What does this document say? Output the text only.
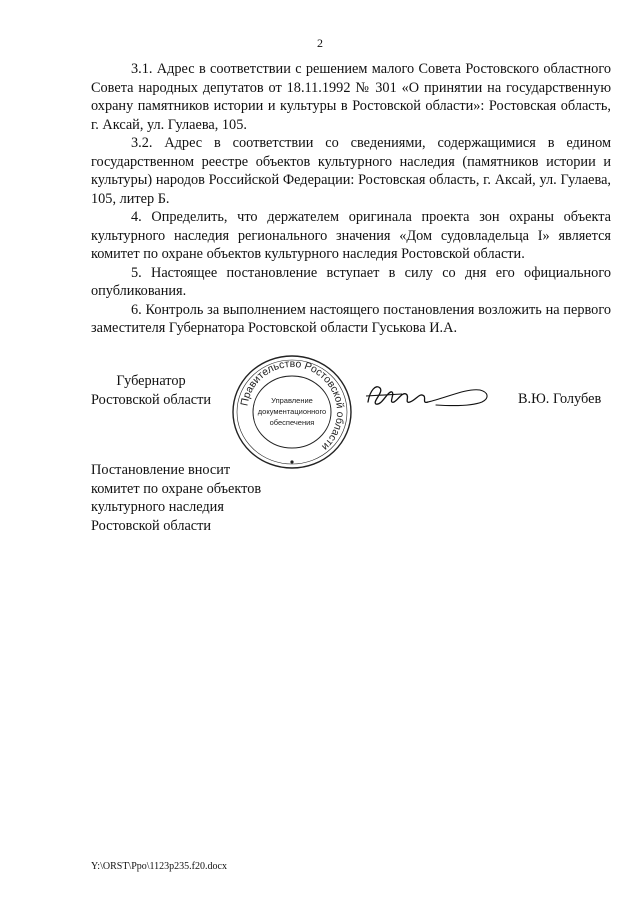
2

3.1. Адрес в соответствии с решением малого Совета Ростовского областного Совета народных депутатов от 18.11.1992 № 301 «О принятии на государственную охрану памятников истории и культуры в Ростовской области»: Ростовская область, г. Аксай, ул. Гулаева, 105.

3.2. Адрес в соответствии со сведениями, содержащимися в едином государственном реестре объектов культурного наследия (памятников истории и культуры) народов Российской Федерации: Ростовская область, г. Аксай, ул. Гулаева, 105, литер Б.

4. Определить, что держателем оригинала проекта зон охраны объекта культурного наследия регионального значения «Дом судовладельца I» является комитет по охране объектов культурного наследия Ростовской области.

5. Настоящее постановление вступает в силу со дня его официального опубликования.

6. Контроль за выполнением настоящего постановления возложить на первого заместителя Губернатора Ростовской области Гуськова И.А.

Губернатор
Ростовской области	Правительство Ростовской области
Управление
документационного
обеспечения
В.Ю. Голубев
Постановление вносит
комитет по охране объектов
культурного наследия
Ростовской области
Y:\ORST\Ppo\1123p235.f20.docx
